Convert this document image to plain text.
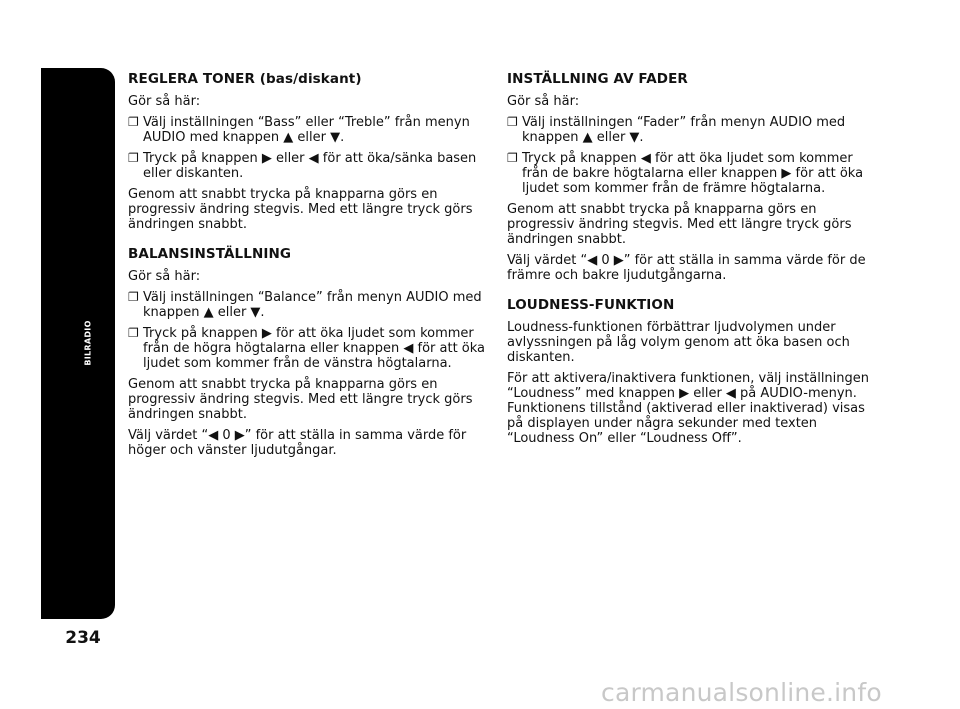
BILRADIO
234
REGLERA TONER (bas/diskant)

Gör så här:

❐ Välj inställningen “Bass” eller “Treble” från menyn AUDIO med knappen ▲ eller ▼.
❐ Tryck på knappen ▶ eller ◀ för att öka/sänka basen eller diskanten.

Genom att snabbt trycka på knapparna görs en progressiv ändring stegvis. Med ett längre tryck görs ändringen snabbt.

BALANSINSTÄLLNING

Gör så här:

❐ Välj inställningen “Balance” från menyn AUDIO med knappen ▲ eller ▼.
❐ Tryck på knappen ▶ för att öka ljudet som kommer från de högra högtalarna eller knappen ◀ för att öka ljudet som kommer från de vänstra högtalarna.

Genom att snabbt trycka på knapparna görs en progressiv ändring stegvis. Med ett längre tryck görs ändringen snabbt.

Välj värdet “◀ 0 ▶” för att ställa in samma värde för höger och vänster ljudutgångar.

INSTÄLLNING AV FADER

Gör så här:

❐ Välj inställningen “Fader” från menyn AUDIO med knappen ▲ eller ▼.
❐ Tryck på knappen ◀ för att öka ljudet som kommer från de bakre högtalarna eller knappen ▶ för att öka ljudet som kommer från de främre högtalarna.

Genom att snabbt trycka på knapparna görs en progressiv ändring stegvis. Med ett längre tryck görs ändringen snabbt.

Välj värdet “◀ 0 ▶” för att ställa in samma värde för de främre och bakre ljudutgångarna.

LOUDNESS-FUNKTION

Loudness-funktionen förbättrar ljudvolymen under avlyssningen på låg volym genom att öka basen och diskanten.

För att aktivera/inaktivera funktionen, välj inställningen “Loudness” med knappen ▶ eller ◀ på AUDIO-menyn. Funktionens tillstånd (aktiverad eller inaktiverad) visas på displayen under några sekunder med texten “Loudness On” eller “Loudness Off”.

carmanualsonline.info
